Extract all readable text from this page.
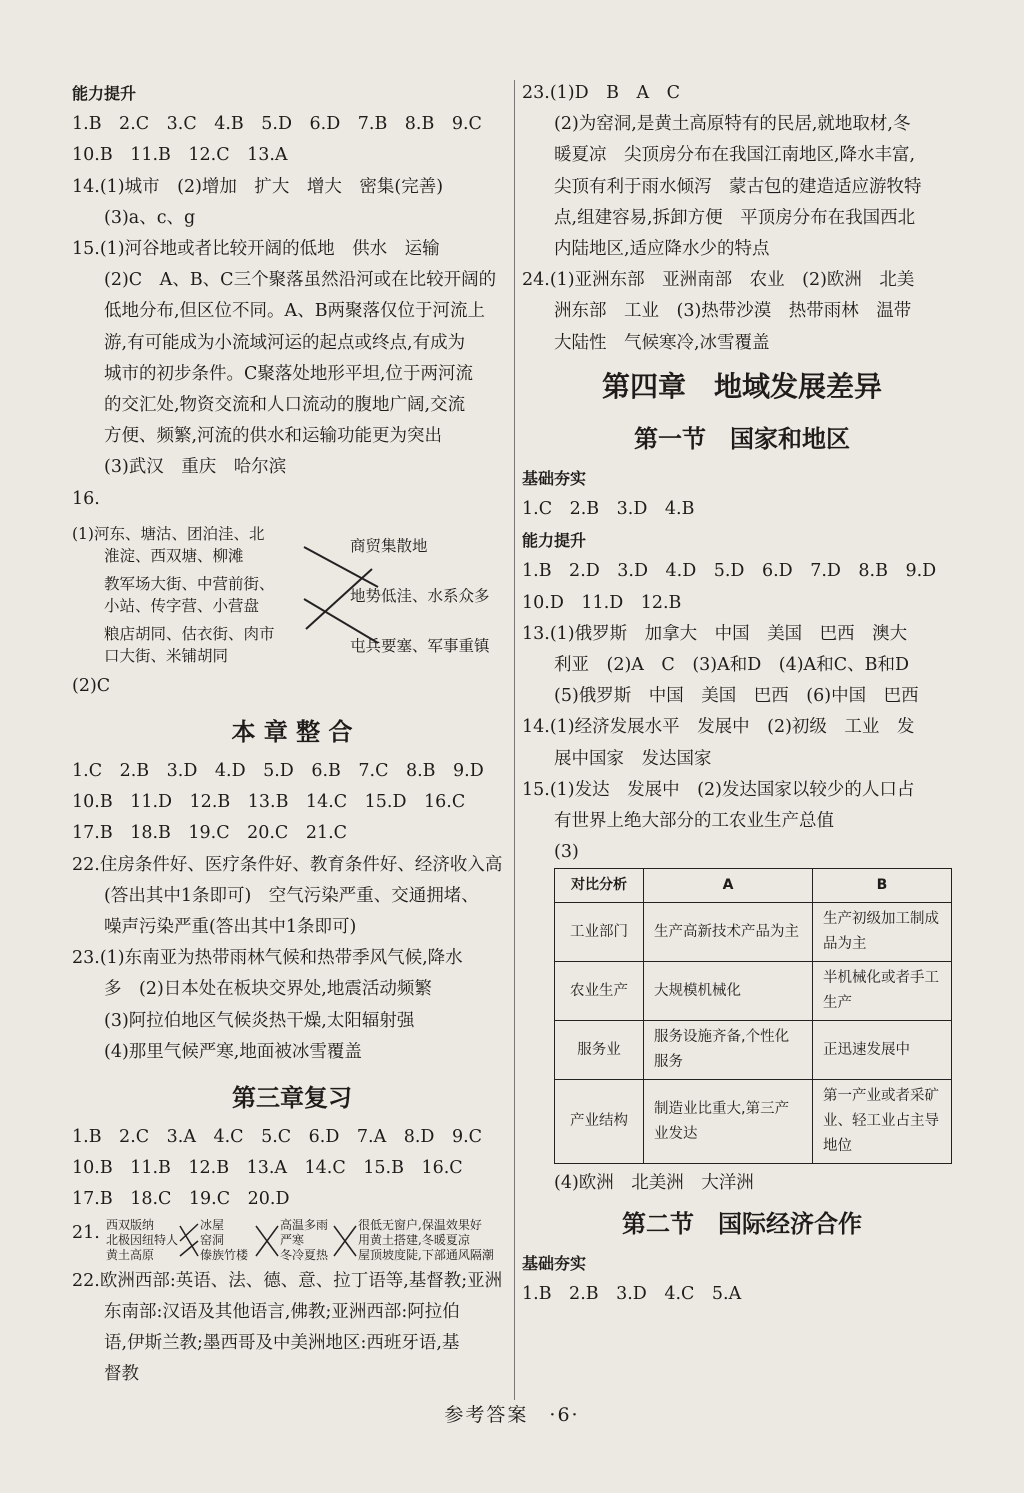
能力提升
1.B　2.C　3.C　4.B　5.D　6.D　7.B　8.B　9.C
10.B　11.B　12.C　13.A
14.(1)城市　(2)增加　扩大　增大　密集(完善)
(3)a、c、g
15.(1)河谷地或者比较开阔的低地　供水　运输
(2)C　A、B、C三个聚落虽然沿河或在比较开阔的
低地分布,但区位不同。A、B两聚落仅位于河流上
游,有可能成为小流域河运的起点或终点,有成为
城市的初步条件。C聚落处地形平坦,位于两河流
的交汇处,物资交流和人口流动的腹地广阔,交流
方便、频繁,河流的供水和运输功能更为突出
(3)武汉　重庆　哈尔滨
16.
(1)河东、塘沽、团泊洼、北
淮淀、西双塘、柳滩
教军场大街、中营前街、
小站、传字营、小营盘
粮店胡同、估衣街、肉市
口大街、米铺胡同
商贸集散地
地势低洼、水系众多
屯兵要塞、军事重镇
(2)C
本 章 整 合
1.C　2.B　3.D　4.D　5.D　6.B　7.C　8.B　9.D
10.B　11.D　12.B　13.B　14.C　15.D　16.C
17.B　18.B　19.C　20.C　21.C
22.住房条件好、医疗条件好、教育条件好、经济收入高
(答出其中1条即可)　空气污染严重、交通拥堵、
噪声污染严重(答出其中1条即可)
23.(1)东南亚为热带雨林气候和热带季风气候,降水
多　(2)日本处在板块交界处,地震活动频繁
(3)阿拉伯地区气候炎热干燥,太阳辐射强
(4)那里气候严寒,地面被冰雪覆盖
第三章复习
1.B　2.C　3.A　4.C　5.C　6.D　7.A　8.D　9.C
10.B　11.B　12.B　13.A　14.C　15.B　16.C
17.B　18.C　19.C　20.D
21. 西双版纳
北极因纽特人
黄土高原
冰屋
窑洞
傣族竹楼
高温多雨
严寒
冬冷夏热
很低无窗户,保温效果好
用黄土搭建,冬暖夏凉
屋顶坡度陡,下部通风隔潮
22.欧洲西部:英语、法、德、意、拉丁语等,基督教;亚洲
东南部:汉语及其他语言,佛教;亚洲西部:阿拉伯
语,伊斯兰教;墨西哥及中美洲地区:西班牙语,基
督教
23.(1)D　B　A　C
(2)为窑洞,是黄土高原特有的民居,就地取材,冬
暖夏凉　尖顶房分布在我国江南地区,降水丰富,
尖顶有利于雨水倾泻　蒙古包的建造适应游牧特
点,组建容易,拆卸方便　平顶房分布在我国西北
内陆地区,适应降水少的特点
24.(1)亚洲东部　亚洲南部　农业　(2)欧洲　北美
洲东部　工业　(3)热带沙漠　热带雨林　温带
大陆性　气候寒冷,冰雪覆盖
第四章　地域发展差异
第一节　国家和地区
基础夯实
1.C　2.B　3.D　4.B
能力提升
1.B　2.D　3.D　4.D　5.D　6.D　7.D　8.B　9.D
10.D　11.D　12.B
13.(1)俄罗斯　加拿大　中国　美国　巴西　澳大
利亚　(2)A　C　(3)A和D　(4)A和C、B和D
(5)俄罗斯　中国　美国　巴西　(6)中国　巴西
14.(1)经济发展水平　发展中　(2)初级　工业　发
展中国家　发达国家
15.(1)发达　发展中　(2)发达国家以较少的人口占
有世界上绝大部分的工农业生产总值
(3)
对比分析	A	B
工业部门	生产高新技术产品为主	生产初级加工制成品为主
农业生产	大规模机械化	半机械化或者手工生产
服务业	服务设施齐备,个性化服务	正迅速发展中
产业结构	制造业比重大,第三产业发达	第一产业或者采矿业、轻工业占主导地位
(4)欧洲　北美洲　大洋洲
第二节　国际经济合作
基础夯实
1.B　2.B　3.D　4.C　5.A
参考答案　·6·
